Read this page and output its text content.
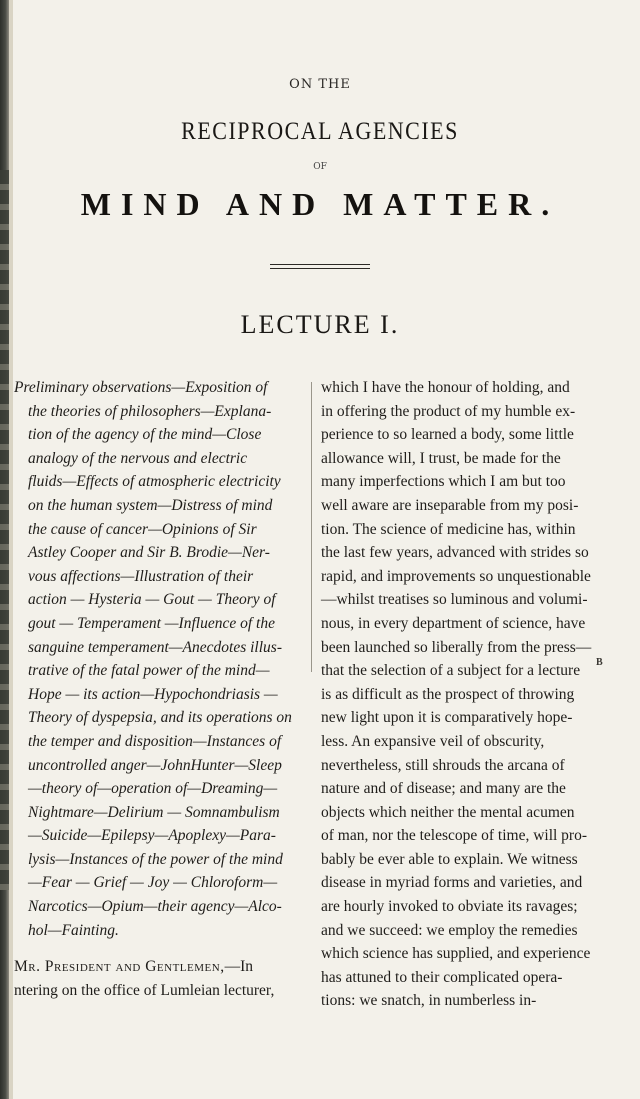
ON THE
RECIPROCAL AGENCIES
OF
MIND AND MATTER.
LECTURE I.
Preliminary observations—Exposition of
the theories of philosophers—Explana-
tion of the agency of the mind—Close
analogy of the nervous and electric
fluids—Effects of atmospheric electricity
on the human system—Distress of mind
the cause of cancer—Opinions of Sir
Astley Cooper and Sir B. Brodie—Ner-
vous affections—Illustration of their
action — Hysteria — Gout — Theory of
gout — Temperament —Influence of the
sanguine temperament—Anecdotes illus-
trative of the fatal power of the mind—
Hope — its action—Hypochondriasis —
Theory of dyspepsia, and its operations on
the temper and disposition—Instances of
uncontrolled anger—JohnHunter—Sleep
—theory of—operation of—Dreaming—
Nightmare—Delirium — Somnambulism
—Suicide—Epilepsy—Apoplexy—Para-
lysis—Instances of the power of the mind
—Fear — Grief — Joy — Chloroform—
Narcotics—Opium—their agency—Alco-
hol—Fainting.
Mr. President and Gentlemen,—In
ntering on the office of Lumleian lecturer,
which I have the honour of holding, and
in offering the product of my humble ex-
perience to so learned a body, some little
allowance will, I trust, be made for the
many imperfections which I am but too
well aware are inseparable from my posi-
tion. The science of medicine has, within
the last few years, advanced with strides so
rapid, and improvements so unquestionable
—whilst treatises so luminous and volumi-
nous, in every department of science, have
been launched so liberally from the press—
that the selection of a subject for a lecture
is as difficult as the prospect of throwing
new light upon it is comparatively hope-
less. An expansive veil of obscurity,
nevertheless, still shrouds the arcana of
nature and of disease; and many are the
objects which neither the mental acumen
of man, nor the telescope of time, will pro-
bably be ever able to explain. We witness
disease in myriad forms and varieties, and
are hourly invoked to obviate its ravages;
and we succeed: we employ the remedies
which science has supplied, and experience
has attuned to their complicated opera-
tions: we snatch, in numberless in-
B
